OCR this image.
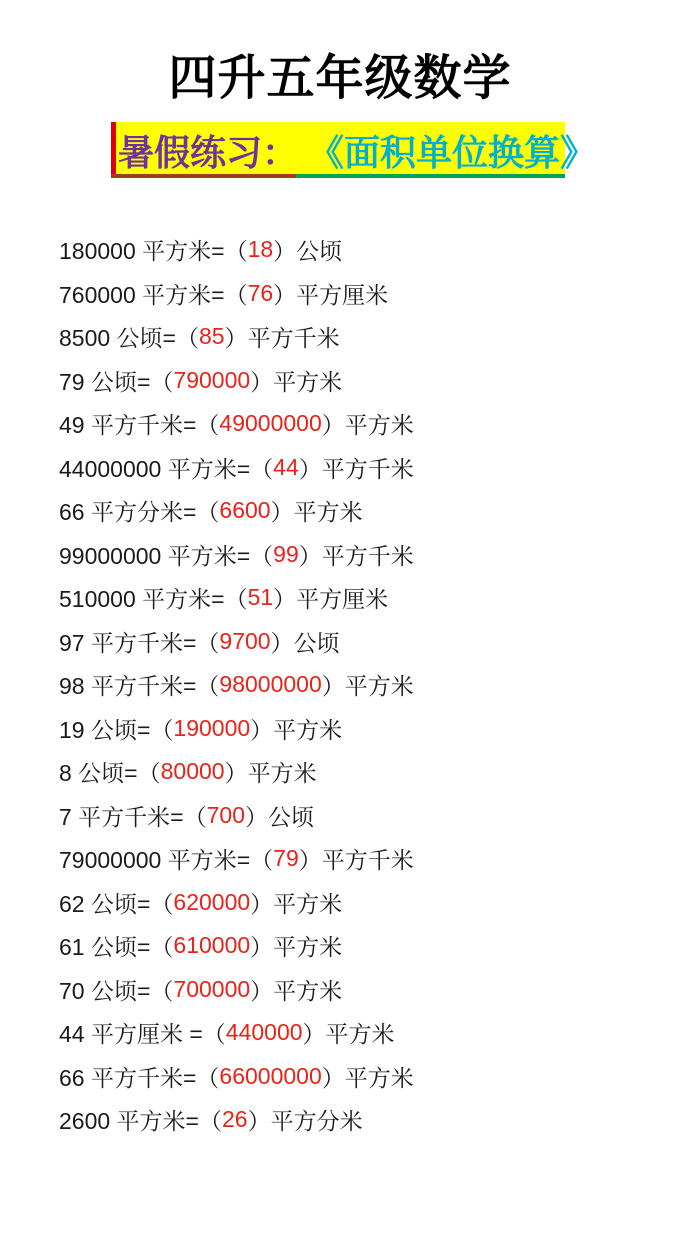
四升五年级数学
暑假练习： 《面积单位换算》
180000 平方米=（ 18 ）公顷
760000 平方米=（ 76 ）平方厘米
8500 公顷=（ 85 ）平方千米
79 公顷=（ 790000 ）平方米
49 平方千米=（ 49000000 ）平方米
44000000 平方米=（ 44 ）平方千米
66 平方分米=（ 6600 ）平方米
99000000 平方米=（ 99 ）平方千米
510000 平方米=（ 51 ）平方厘米
97 平方千米=（ 9700 ）公顷
98 平方千米=（ 98000000 ）平方米
19 公顷=（ 190000 ）平方米
8 公顷=（ 80000 ）平方米
7 平方千米=（ 700 ）公顷
79000000 平方米=（ 79 ）平方千米
62 公顷=（ 620000 ）平方米
61 公顷=（ 610000 ）平方米
70 公顷=（ 700000 ）平方米
44 平方厘米 =（ 440000 ）平方米
66 平方千米=（ 66000000 ）平方米
2600 平方米=（ 26 ）平方分米
